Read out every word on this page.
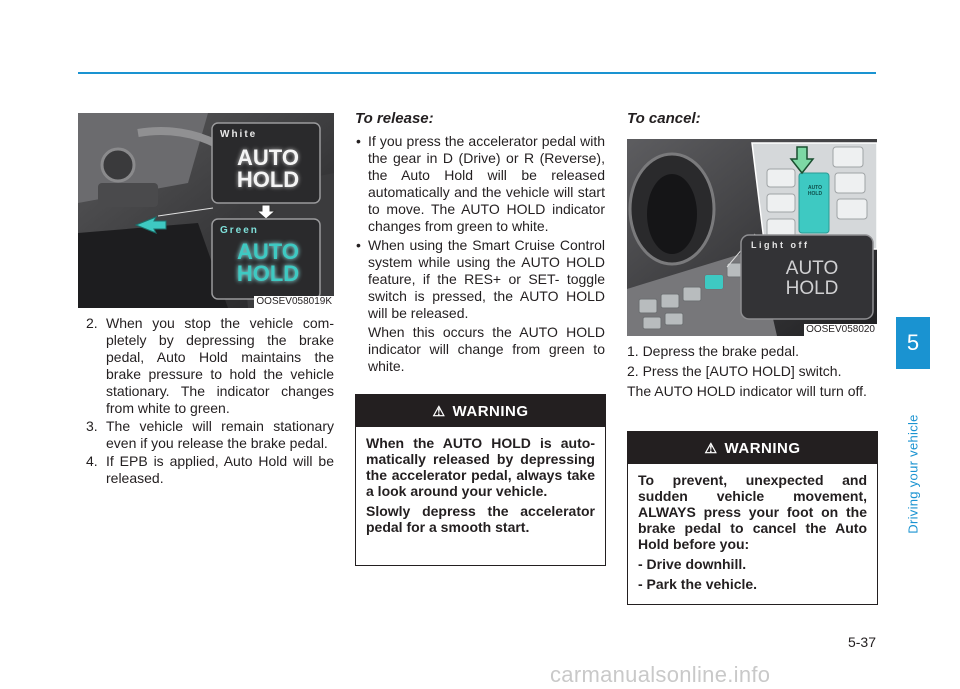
White
AUTO
HOLD
Green
AUTO
HOLD
OOSEV058019K
2. When you stop the vehicle completely by depressing the brake pedal, Auto Hold maintains the brake pressure to hold the vehicle stationary. The indicator changes from white to green.
3. The vehicle will remain stationary even if you release the brake pedal.
4. If EPB is applied, Auto Hold will be released.

To release:

• If you press the accelerator pedal with the gear in D (Drive) or R (Reverse), the Auto Hold will be released automatically and the vehicle will start to move. The AUTO HOLD indicator changes from green to white.
• When using the Smart Cruise Control system while using the AUTO HOLD feature, if the RES+ or SET- toggle switch is pressed, the AUTO HOLD will be released.

When this occurs the AUTO HOLD indicator will change from green to white.

⚠ WARNING

When the AUTO HOLD is automatically released by depressing the accelerator pedal, always take a look around your vehicle.

Slowly depress the accelerator pedal for a smooth start.

To cancel:

AUTO
HOLD
Light off
AUTO
HOLD
OOSEV058020

1. Depress the brake pedal.

2. Press the [AUTO HOLD] switch.

The AUTO HOLD indicator will turn off.

⚠ WARNING

To prevent, unexpected and sudden vehicle movement, ALWAYS press your foot on the brake pedal to cancel the Auto Hold before you:

- Drive downhill.

- Park the vehicle.

5
Driving your vehicle
5-37
carmanualsonline.info
